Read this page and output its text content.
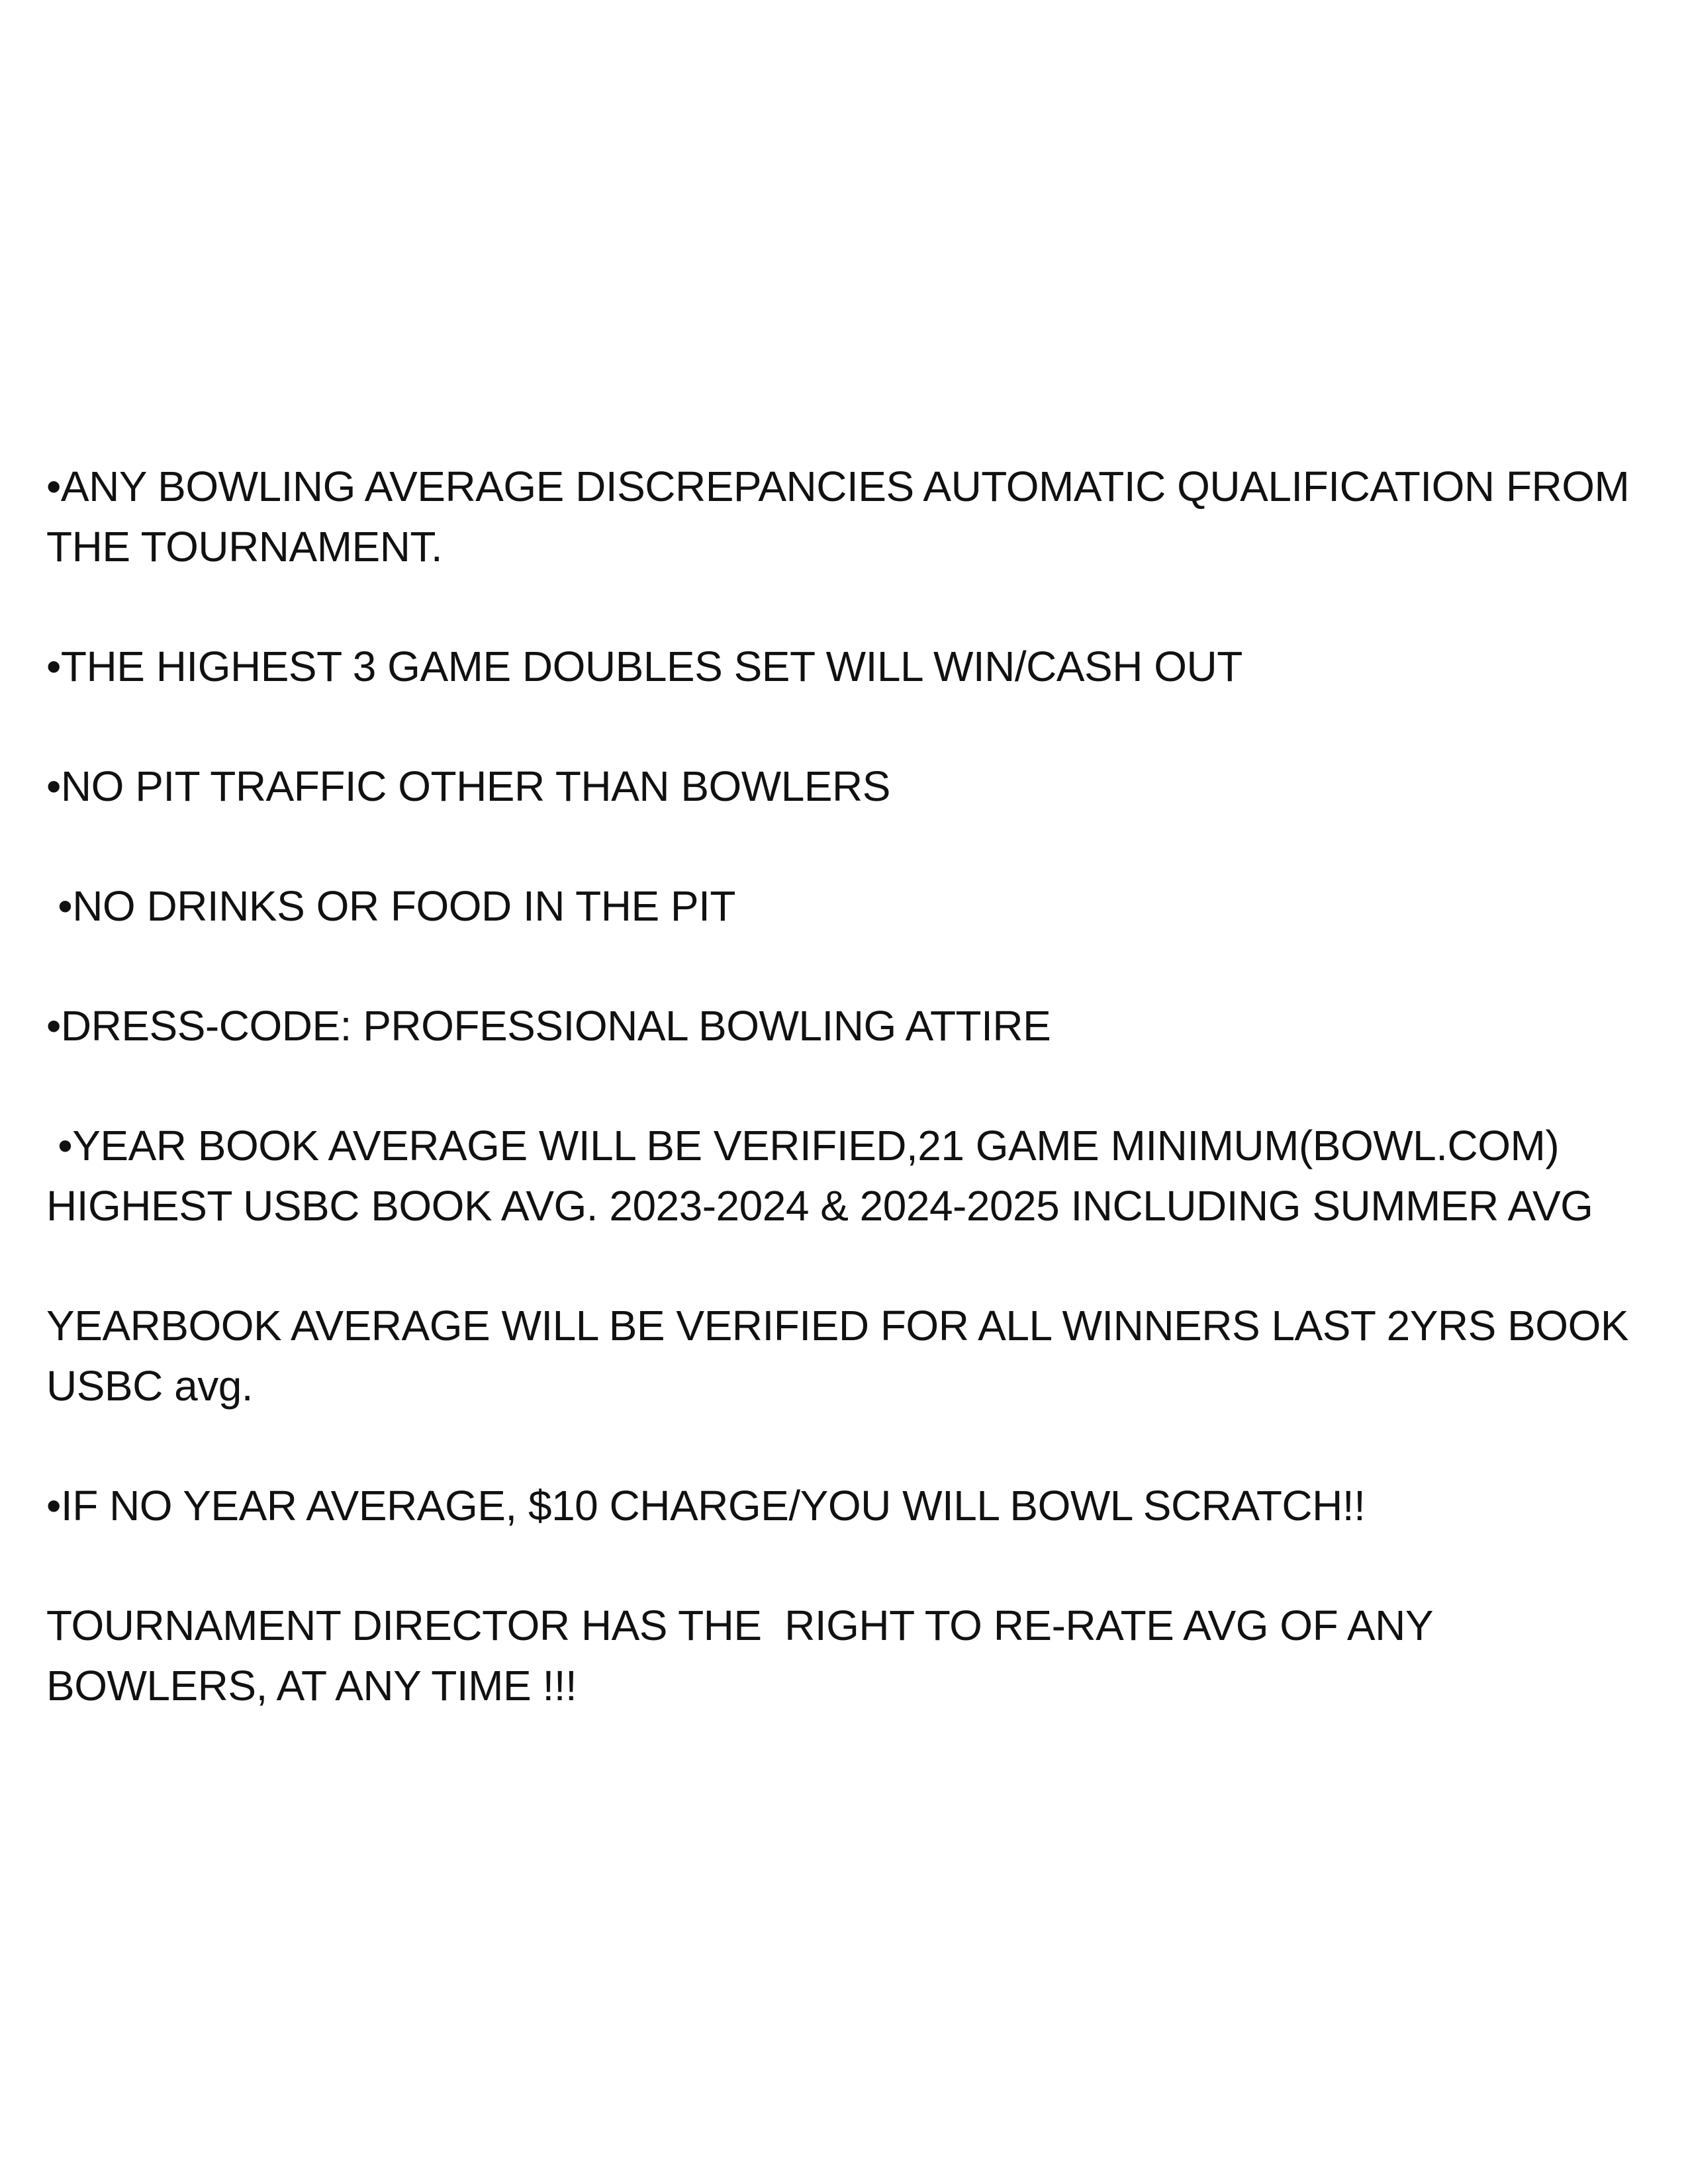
•ANY BOWLING AVERAGE DISCREPANCIES AUTOMATIC QUALIFICATION FROM

THE TOURNAMENT.

•THE HIGHEST 3 GAME DOUBLES SET WILL WIN/CASH OUT

•NO PIT TRAFFIC OTHER THAN BOWLERS

•NO DRINKS OR FOOD IN THE PIT

•DRESS-CODE: PROFESSIONAL BOWLING ATTIRE

•YEAR BOOK AVERAGE WILL BE VERIFIED,21 GAME MINIMUM(BOWL.COM)

HIGHEST USBC BOOK AVG. 2023-2024 & 2024-2025 INCLUDING SUMMER AVG

YEARBOOK AVERAGE WILL BE VERIFIED FOR ALL WINNERS LAST 2YRS BOOK

USBC avg.

•IF NO YEAR AVERAGE, $10 CHARGE/YOU WILL BOWL SCRATCH!!

TOURNAMENT DIRECTOR HAS THE  RIGHT TO RE-RATE AVG OF ANY

BOWLERS, AT ANY TIME !!!
